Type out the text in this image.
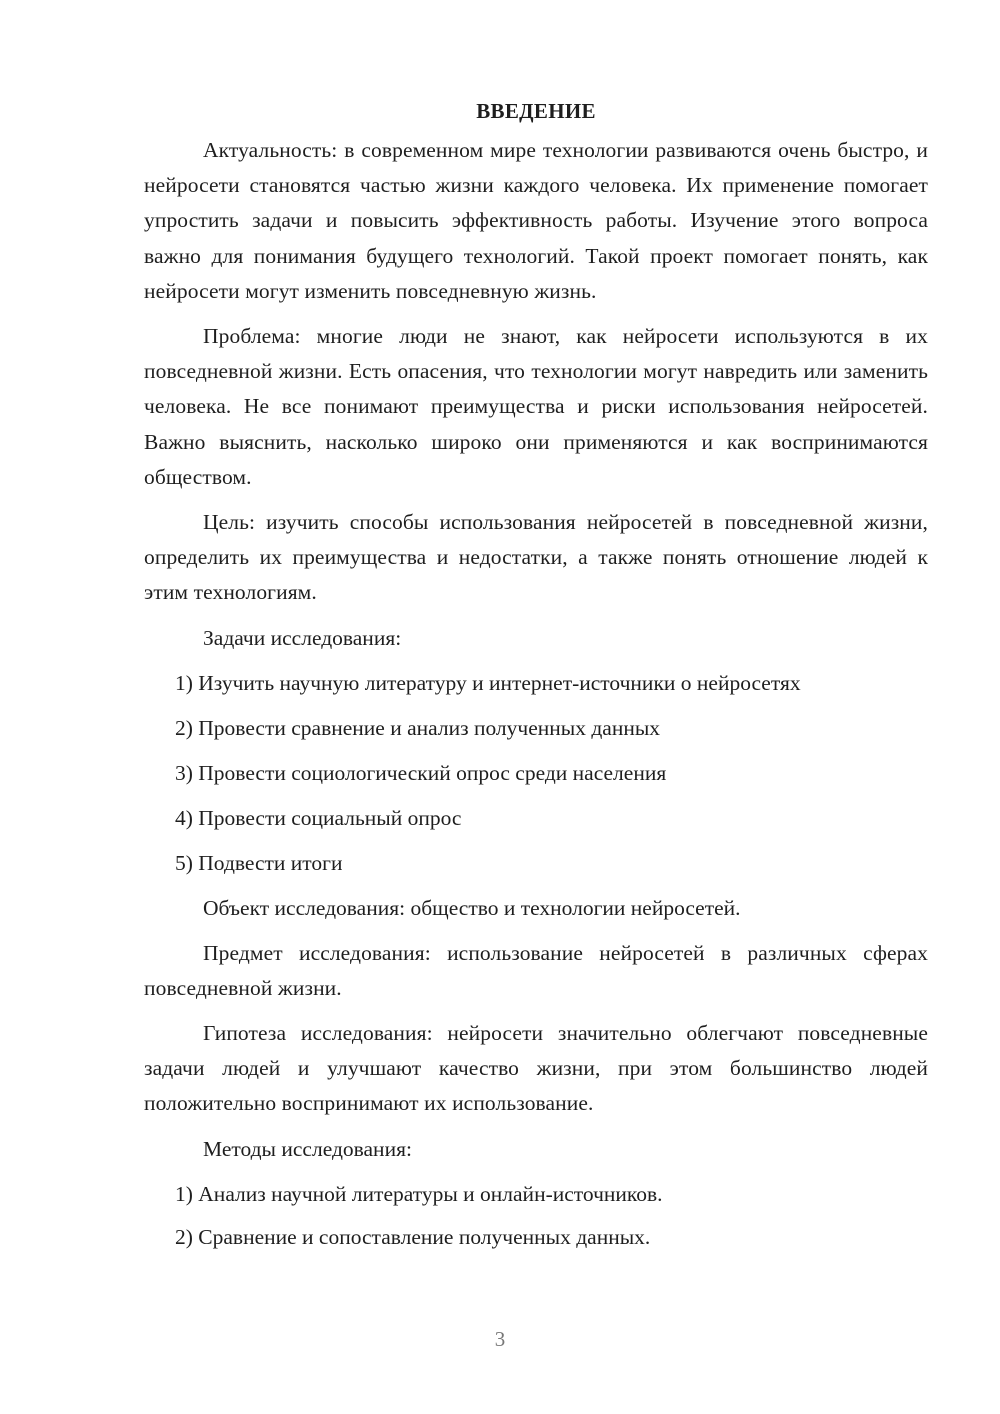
ВВЕДЕНИЕ

Актуальность: в современном мире технологии развиваются очень быстро, и нейросети становятся частью жизни каждого человека. Их применение помогает упростить задачи и повысить эффективность работы. Изучение этого вопроса важно для понимания будущего технологий. Такой проект помогает понять, как нейросети могут изменить повседневную жизнь.

Проблема: многие люди не знают, как нейросети используются в их повседневной жизни. Есть опасения, что технологии могут навредить или заменить человека. Не все понимают преимущества и риски использования нейросетей. Важно выяснить, насколько широко они применяются и как воспринимаются обществом.

Цель: изучить способы использования нейросетей в повседневной жизни, определить их преимущества и недостатки, а также понять отношение людей к этим технологиям.

Задачи исследования:

1) Изучить научную литературу и интернет-источники о нейросетях
2) Провести сравнение и анализ полученных данных
3) Провести социологический опрос среди населения
4) Провести социальный опрос
5) Подвести итоги

Объект исследования: общество и технологии нейросетей.

Предмет исследования: использование нейросетей в различных сферах повседневной жизни.

Гипотеза исследования: нейросети значительно облегчают повседневные задачи людей и улучшают качество жизни, при этом большинство людей положительно воспринимают их использование.

Методы исследования:

1) Анализ научной литературы и онлайн-источников.
2) Сравнение и сопоставление полученных данных.
3
